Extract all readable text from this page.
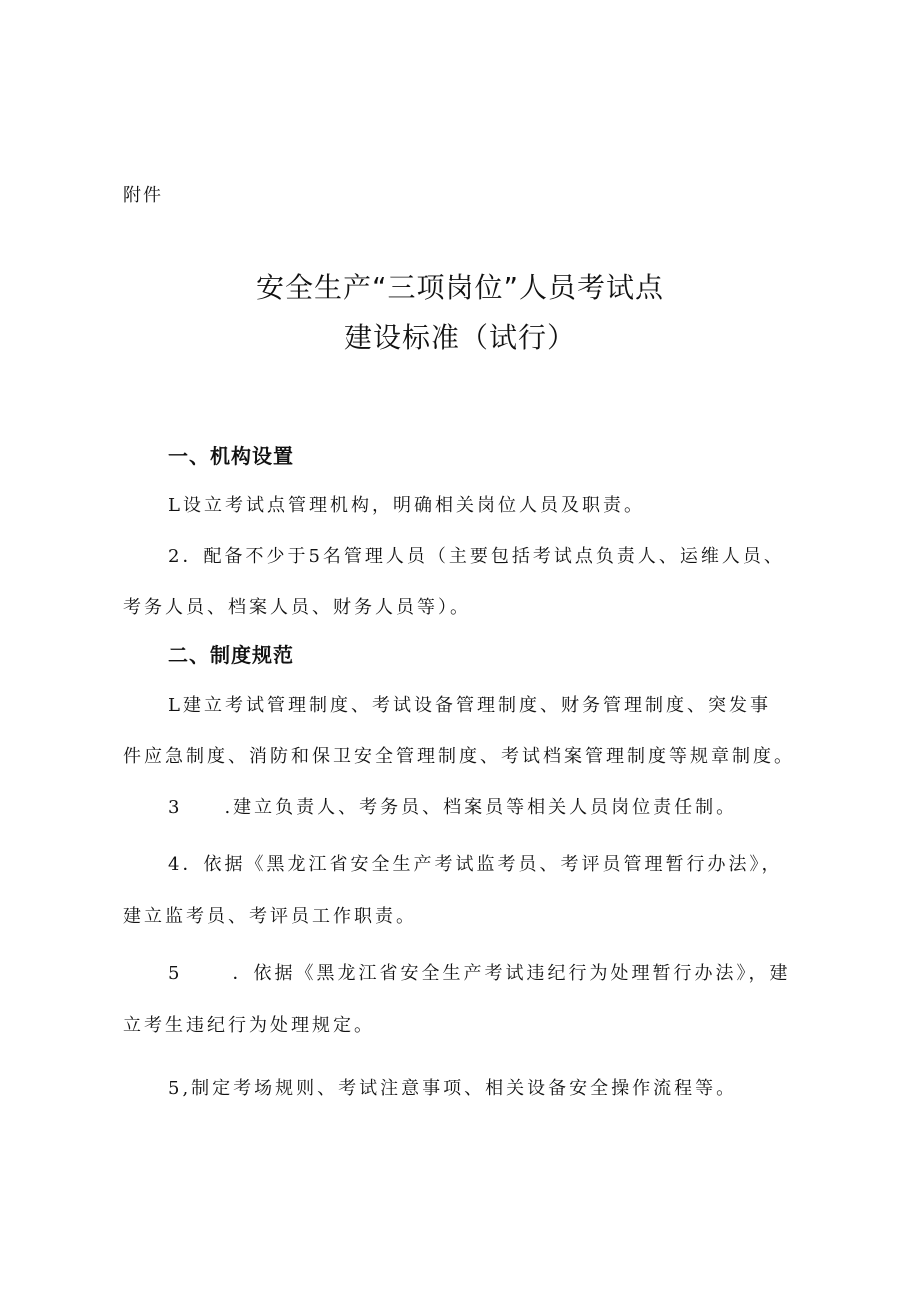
附件
安全生产“三项岗位”人员考试点
建设标准（试行）
一、机构设置
L设立考试点管理机构，明确相关岗位人员及职责。
2．配备不少于5名管理人员（主要包括考试点负责人、运维人员、
考务人员、档案人员、财务人员等）。
二、制度规范
L建立考试管理制度、考试设备管理制度、财务管理制度、突发事
件应急制度、消防和保卫安全管理制度、考试档案管理制度等规章制度。
3 .建立负责人、考务员、档案员等相关人员岗位责任制。
4．依据《黑龙江省安全生产考试监考员、考评员管理暂行办法》，
建立监考员、考评员工作职责。
5	．依据《黑龙江省安全生产考试违纪行为处理暂行办法》，建
立考生违纪行为处理规定。
5,制定考场规则、考试注意事项、相关设备安全操作流程等。
